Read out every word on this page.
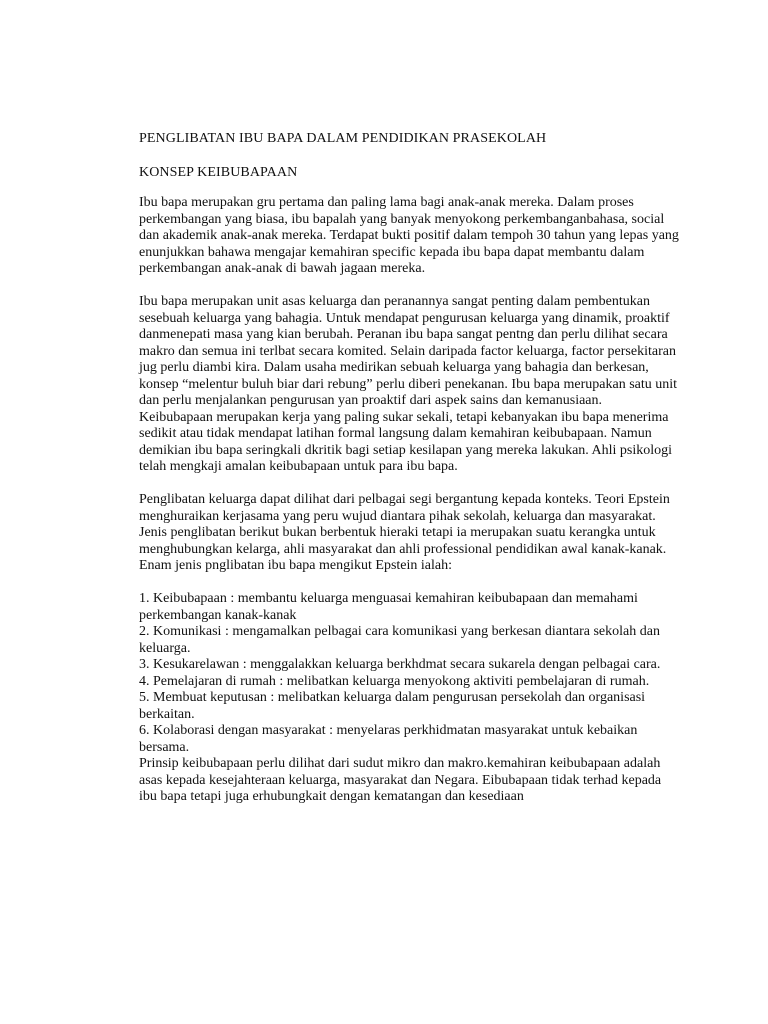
PENGLIBATAN IBU BAPA DALAM PENDIDIKAN PRASEKOLAH
KONSEP KEIBUBAPAAN

Ibu bapa merupakan gru pertama dan paling lama bagi anak-anak mereka. Dalam proses perkembangan yang biasa, ibu bapalah yang banyak menyokong perkembanganbahasa, social dan akademik anak-anak mereka. Terdapat bukti positif dalam tempoh 30 tahun yang lepas yang enunjukkan bahawa mengajar kemahiran specific kepada ibu bapa dapat membantu dalam perkembangan anak-anak di bawah jagaan mereka.

Ibu bapa merupakan unit asas keluarga dan peranannya sangat penting dalam pembentukan sesebuah keluarga yang bahagia. Untuk mendapat pengurusan keluarga yang dinamik, proaktif danmenepati masa yang kian berubah. Peranan ibu bapa sangat pentng dan perlu dilihat secara makro dan semua ini terlbat secara komited. Selain daripada factor keluarga, factor persekitaran jug perlu diambi kira. Dalam usaha medirikan sebuah keluarga yang bahagia dan berkesan, konsep “melentur buluh biar dari rebung” perlu diberi penekanan. Ibu bapa merupakan satu unit dan perlu menjalankan pengurusan yan proaktif dari aspek sains dan kemanusiaan. Keibubapaan merupakan kerja yang paling sukar sekali, tetapi kebanyakan ibu bapa menerima sedikit atau tidak mendapat latihan formal langsung dalam kemahiran keibubapaan. Namun demikian ibu bapa seringkali dkritik bagi setiap kesilapan yang mereka lakukan. Ahli psikologi telah mengkaji amalan keibubapaan untuk para ibu bapa.

Penglibatan keluarga dapat dilihat dari pelbagai segi bergantung kepada konteks. Teori Epstein menghuraikan kerjasama yang peru wujud diantara pihak sekolah, keluarga dan masyarakat. Jenis penglibatan berikut bukan berbentuk hieraki tetapi ia merupakan suatu kerangka untuk menghubungkan kelarga, ahli masyarakat dan ahli professional pendidikan awal kanak-kanak. Enam jenis pnglibatan ibu bapa mengikut Epstein ialah:

1. Keibubapaan : membantu keluarga menguasai kemahiran keibubapaan dan memahami perkembangan kanak-kanak

2. Komunikasi : mengamalkan pelbagai cara komunikasi yang berkesan diantara sekolah dan keluarga.

3. Kesukarelawan : menggalakkan keluarga berkhdmat secara sukarela dengan pelbagai cara.

4. Pemelajaran di rumah : melibatkan keluarga menyokong aktiviti pembelajaran di rumah.

5. Membuat keputusan : melibatkan keluarga dalam pengurusan persekolah dan organisasi berkaitan.

6. Kolaborasi dengan masyarakat : menyelaras perkhidmatan masyarakat untuk kebaikan bersama.

Prinsip keibubapaan perlu dilihat dari sudut mikro dan makro.kemahiran keibubapaan adalah asas kepada kesejahteraan keluarga, masyarakat dan Negara. Eibubapaan tidak terhad kepada ibu bapa tetapi juga erhubungkait dengan kematangan dan kesediaan
